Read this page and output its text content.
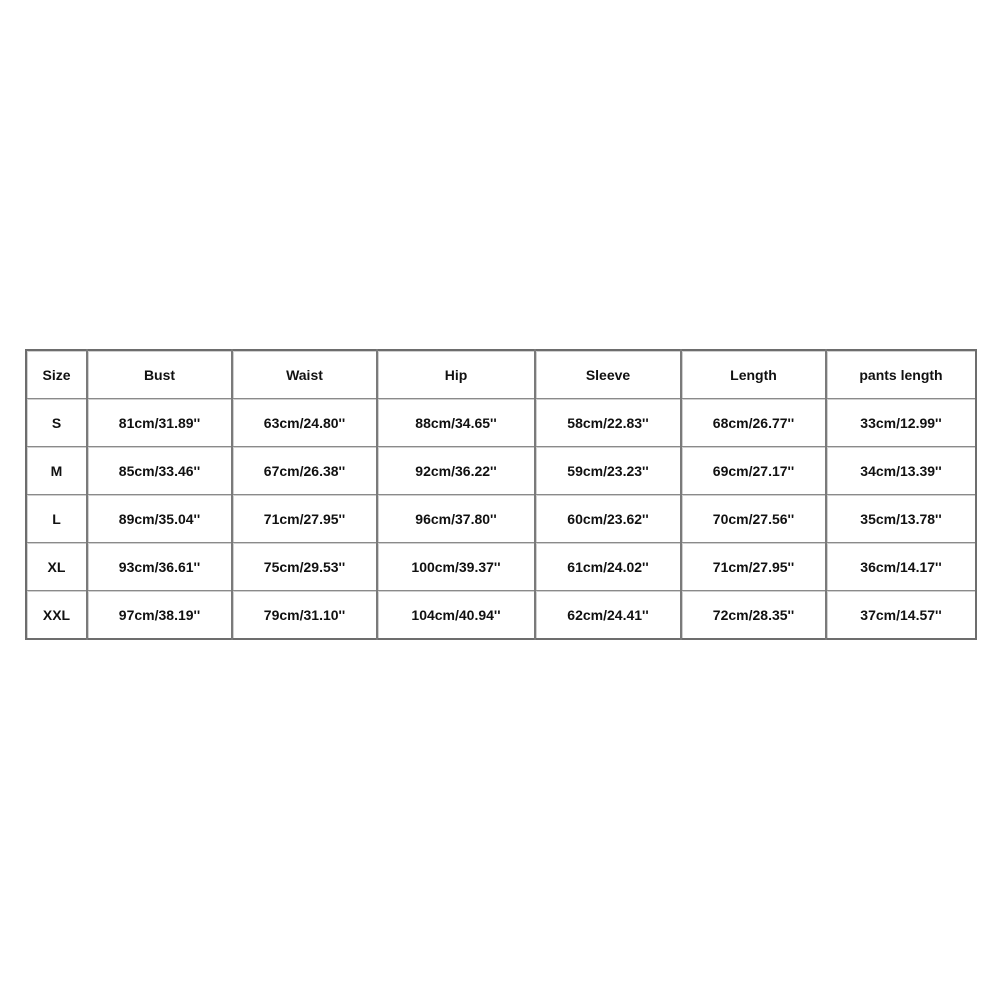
Size	Bust	Waist	Hip	Sleeve	Length	pants length
S	81cm/31.89''	63cm/24.80''	88cm/34.65''	58cm/22.83''	68cm/26.77''	33cm/12.99''
M	85cm/33.46''	67cm/26.38''	92cm/36.22''	59cm/23.23''	69cm/27.17''	34cm/13.39''
L	89cm/35.04''	71cm/27.95''	96cm/37.80''	60cm/23.62''	70cm/27.56''	35cm/13.78''
XL	93cm/36.61''	75cm/29.53''	100cm/39.37''	61cm/24.02''	71cm/27.95''	36cm/14.17''
XXL	97cm/38.19''	79cm/31.10''	104cm/40.94''	62cm/24.41''	72cm/28.35''	37cm/14.57''
